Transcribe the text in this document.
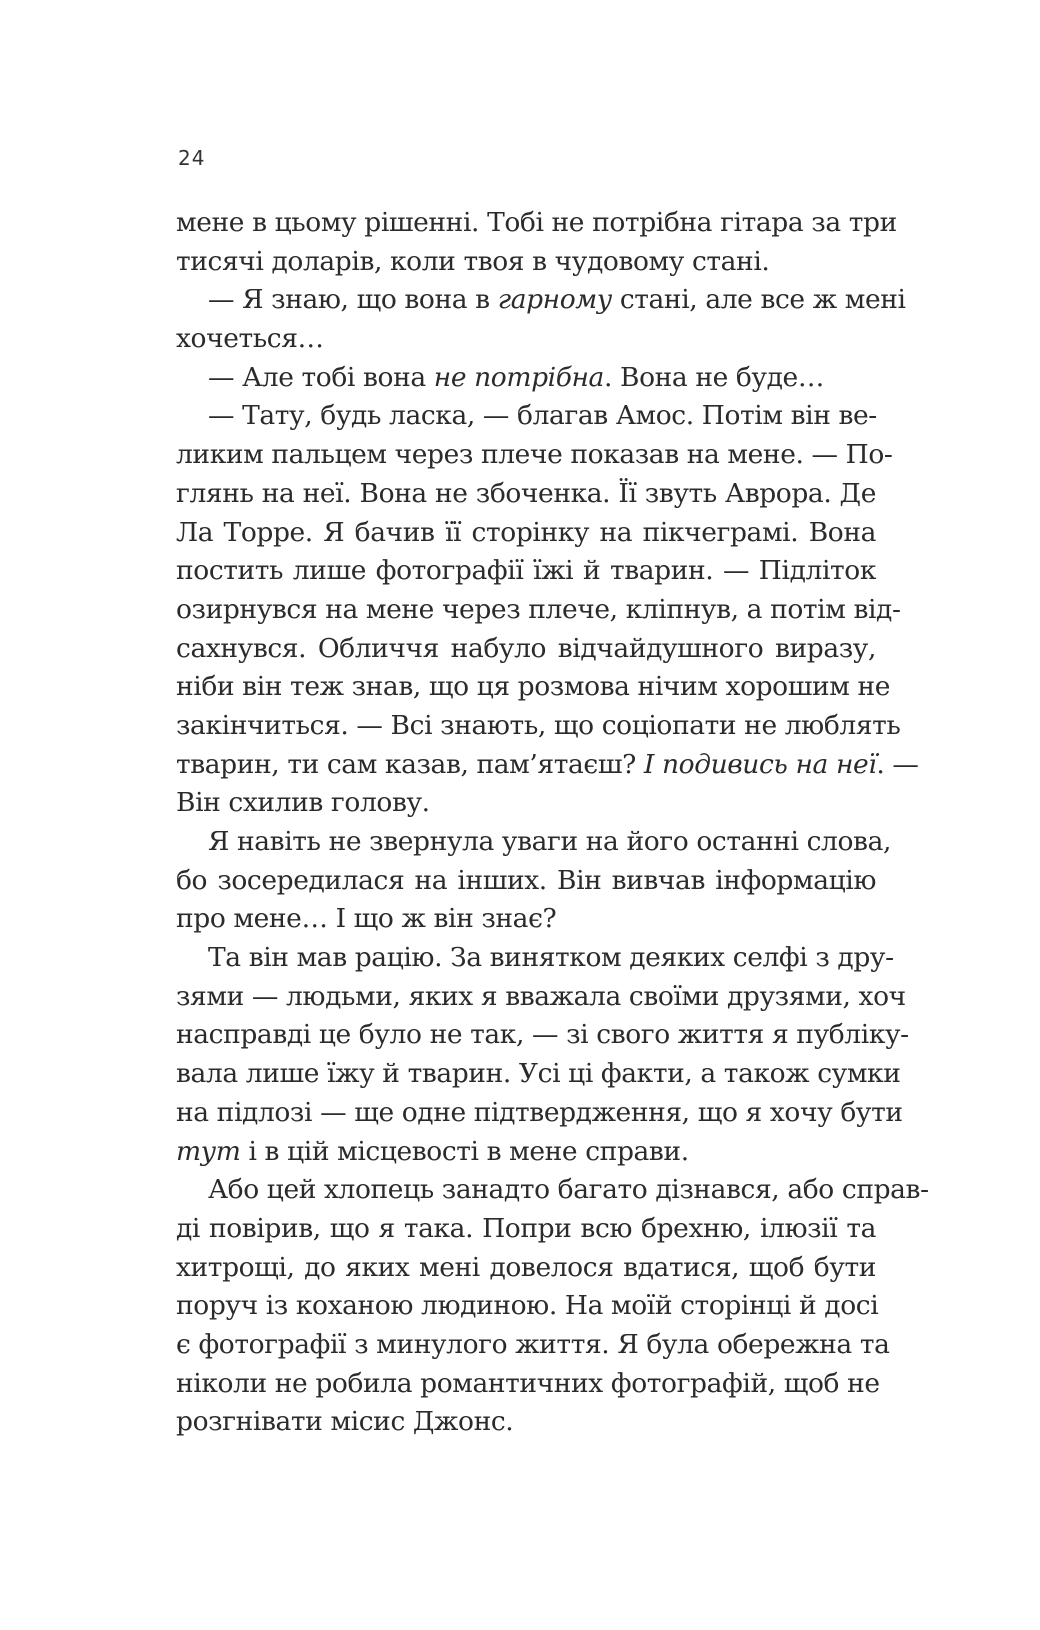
24
мене в цьому рішенні. Тобі не потрібна гітара за три
тисячі доларів, коли твоя в чудовому стані.
— Я знаю, що вона в гарному стані, але все ж мені
хочеться…
— Але тобі вона не потрібна. Вона не буде…
— Тату, будь ласка, — благав Амос. Потім він ве-
ликим пальцем через плече показав на мене. — По-
глянь на неї. Вона не збоченка. Її звуть Аврора. Де
Ла Торре. Я бачив її сторінку на пікчеграмі. Вона
постить лише фотографії їжі й тварин. — Підліток
озирнувся на мене через плече, кліпнув, а потім від-
сахнувся. Обличчя набуло відчайдушного виразу,
ніби він теж знав, що ця розмова нічим хорошим не
закінчиться. — Всі знають, що соціопати не люблять
тварин, ти сам казав, пам’ятаєш? І подивись на неї. —
Він схилив голову.
Я навіть не звернула уваги на його останні слова,
бо зосередилася на інших. Він вивчав інформацію
про мене… І що ж він знає?
Та він мав рацію. За винятком деяких селфі з дру-
зями — людьми, яких я вважала своїми друзями, хоч
насправді це було не так, — зі свого життя я публіку-
вала лише їжу й тварин. Усі ці факти, а також сумки
на підлозі — ще одне підтвердження, що я хочу бути
тут і в цій місцевості в мене справи.
Або цей хлопець занадто багато дізнався, або справ-
ді повірив, що я така. Попри всю брехню, ілюзії та
хитрощі, до яких мені довелося вдатися, щоб бути
поруч із коханою людиною. На моїй сторінці й досі
є фотографії з минулого життя. Я була обережна та
ніколи не робила романтичних фотографій, щоб не
розгнівати місис Джонс.
